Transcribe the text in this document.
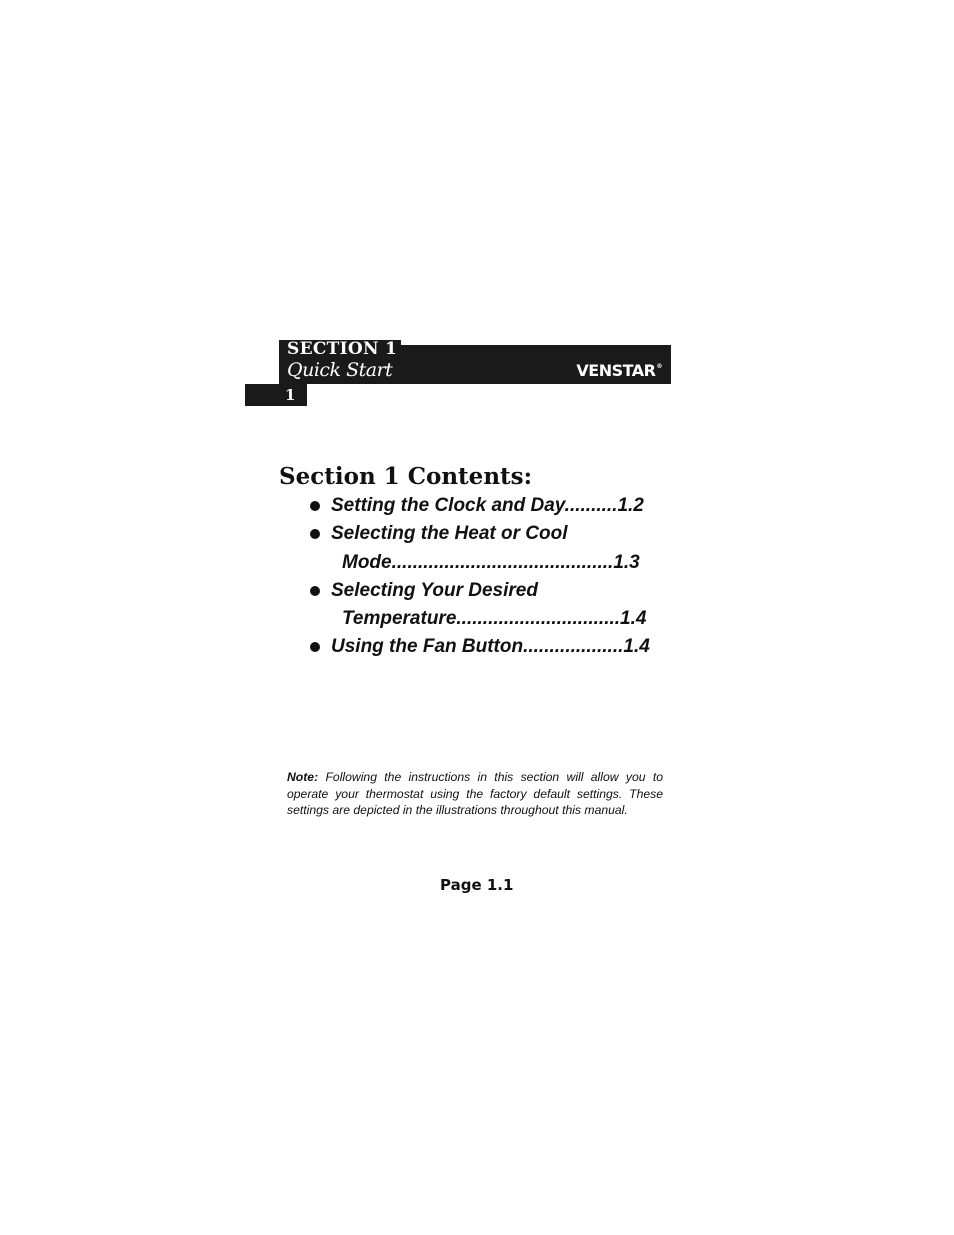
SECTION 1
Quick Start	VENSTAR®
1
Section 1 Contents:
Setting the Clock and Day..........1.2
Selecting the Heat or Cool
Mode..........................................1.3
Selecting Your Desired
Temperature...............................1.4
Using the Fan Button...................1.4
Note: Following the instructions in this section will allow you to operate your thermostat using the factory default settings. These settings are depicted in the illustrations throughout this manual.
Page 1.1
